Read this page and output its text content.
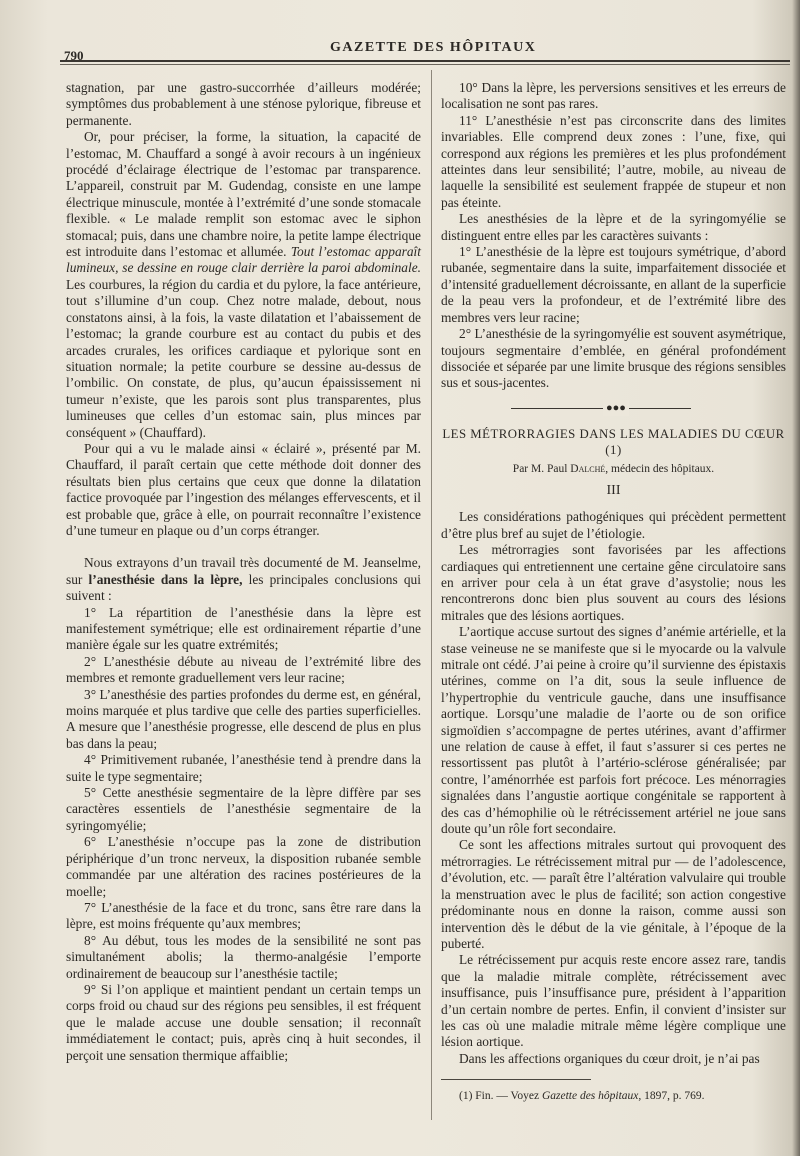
790
GAZETTE DES HÔPITAUX

stagnation, par une gastro-succorrhée d’ailleurs modérée; symptômes dus probablement à une sténose pylorique, fibreuse et permanente.

Or, pour préciser, la forme, la situation, la capacité de l’estomac, M. Chauffard a songé à avoir recours à un ingénieux procédé d’éclairage électrique de l’estomac par transparence. L’appareil, construit par M. Gudendag, consiste en une lampe électrique minuscule, montée à l’extrémité d’une sonde stomacale flexible. « Le malade remplit son estomac avec le siphon stomacal; puis, dans une chambre noire, la petite lampe électrique est introduite dans l’estomac et allumée. Tout l’estomac apparaît lumineux, se dessine en rouge clair derrière la paroi abdominale. Les courbures, la région du cardia et du pylore, la face antérieure, tout s’illumine d’un coup. Chez notre malade, debout, nous constatons ainsi, à la fois, la vaste dilatation et l’abaissement de l’estomac; la grande courbure est au contact du pubis et des arcades crurales, les orifices cardiaque et pylorique sont en situation normale; la petite courbure se dessine au-dessus de l’ombilic. On constate, de plus, qu’aucun épaississement ni tumeur n’existe, que les parois sont plus transparentes, plus lumineuses que celles d’un estomac sain, plus minces par conséquent » (Chauffard).

Pour qui a vu le malade ainsi « éclairé », présenté par M. Chauffard, il paraît certain que cette méthode doit donner des résultats bien plus certains que ceux que donne la dilatation factice provoquée par l’ingestion des mélanges effervescents, et il est probable que, grâce à elle, on pourrait reconnaître l’existence d’une tumeur en plaque ou d’un corps étranger.

Nous extrayons d’un travail très documenté de M. Jeanselme, sur l’anesthésie dans la lèpre, les principales conclusions qui suivent :

1° La répartition de l’anesthésie dans la lèpre est manifestement symétrique; elle est ordinairement répartie d’une manière égale sur les quatre extrémités;

2° L’anesthésie débute au niveau de l’extrémité libre des membres et remonte graduellement vers leur racine;

3° L’anesthésie des parties profondes du derme est, en général, moins marquée et plus tardive que celle des parties superficielles. A mesure que l’anesthésie progresse, elle descend de plus en plus bas dans la peau;

4° Primitivement rubanée, l’anesthésie tend à prendre dans la suite le type segmentaire;

5° Cette anesthésie segmentaire de la lèpre diffère par ses caractères essentiels de l’anesthésie segmentaire de la syringomyélie;

6° L’anesthésie n’occupe pas la zone de distribution périphérique d’un tronc nerveux, la disposition rubanée semble commandée par une altération des racines postérieures de la moelle;

7° L’anesthésie de la face et du tronc, sans être rare dans la lèpre, est moins fréquente qu’aux membres;

8° Au début, tous les modes de la sensibilité ne sont pas simultanément abolis; la thermo-analgésie l’emporte ordinairement de beaucoup sur l’anesthésie tactile;

9° Si l’on applique et maintient pendant un certain temps un corps froid ou chaud sur des régions peu sensibles, il est fréquent que le malade accuse une double sensation; il reconnaît immédiatement le contact; puis, après cinq à huit secondes, il perçoit une sensation thermique affaiblie;

10° Dans la lèpre, les perversions sensitives et les erreurs de localisation ne sont pas rares.

11° L’anesthésie n’est pas circonscrite dans des limites invariables. Elle comprend deux zones : l’une, fixe, qui correspond aux régions les premières et les plus profondément atteintes dans leur sensibilité; l’autre, mobile, au niveau de laquelle la sensibilité est seulement frappée de stupeur et non pas éteinte.

Les anesthésies de la lèpre et de la syringomyélie se distinguent entre elles par les caractères suivants :

1° L’anesthésie de la lèpre est toujours symétrique, d’abord rubanée, segmentaire dans la suite, imparfaitement dissociée et d’intensité graduellement décroissante, en allant de la superficie de la peau vers la profondeur, et de l’extrémité libre des membres vers leur racine;

2° L’anesthésie de la syringomyélie est souvent asymétrique, toujours segmentaire d’emblée, en général profondément dissociée et séparée par une limite brusque des régions sensibles sus et sous-jacentes.

●●●
LES MÉTRORRAGIES DANS LES MALADIES DU CŒUR (1)
Par M. Paul Dalché, médecin des hôpitaux.
III

Les considérations pathogéniques qui précèdent permettent d’être plus bref au sujet de l’étiologie.

Les métrorragies sont favorisées par les affections cardiaques qui entretiennent une certaine gêne circulatoire sans en arriver pour cela à un état grave d’asystolie; nous les rencontrerons donc bien plus souvent au cours des lésions mitrales que des lésions aortiques.

L’aortique accuse surtout des signes d’anémie artérielle, et la stase veineuse ne se manifeste que si le myocarde ou la valvule mitrale ont cédé. J’ai peine à croire qu’il survienne des épistaxis utérines, comme on l’a dit, sous la seule influence de l’hypertrophie du ventricule gauche, dans une insuffisance aortique. Lorsqu’une maladie de l’aorte ou de son orifice sigmoïdien s’accompagne de pertes utérines, avant d’affirmer une relation de cause à effet, il faut s’assurer si ces pertes ne ressortissent pas plutôt à l’artério-sclérose généralisée; par contre, l’aménorrhée est parfois fort précoce. Les ménorragies signalées dans l’angustie aortique congénitale se rapportent à des cas d’hémophilie où le rétrécissement artériel ne joue sans doute qu’un rôle fort secondaire.

Ce sont les affections mitrales surtout qui provoquent des métrorragies. Le rétrécissement mitral pur — de l’adolescence, d’évolution, etc. — paraît être l’altération valvulaire qui trouble la menstruation avec le plus de facilité; son action congestive prédominante nous en donne la raison, comme aussi son intervention dès le début de la vie génitale, à l’époque de la puberté.

Le rétrécissement pur acquis reste encore assez rare, tandis que la maladie mitrale complète, rétrécissement avec insuffisance, puis l’insuffisance pure, président à l’apparition d’un certain nombre de pertes. Enfin, il convient d’insister sur les cas où une maladie mitrale même légère complique une lésion aortique.

Dans les affections organiques du cœur droit, je n’ai pas

(1) Fin. — Voyez Gazette des hôpitaux, 1897, p. 769.
